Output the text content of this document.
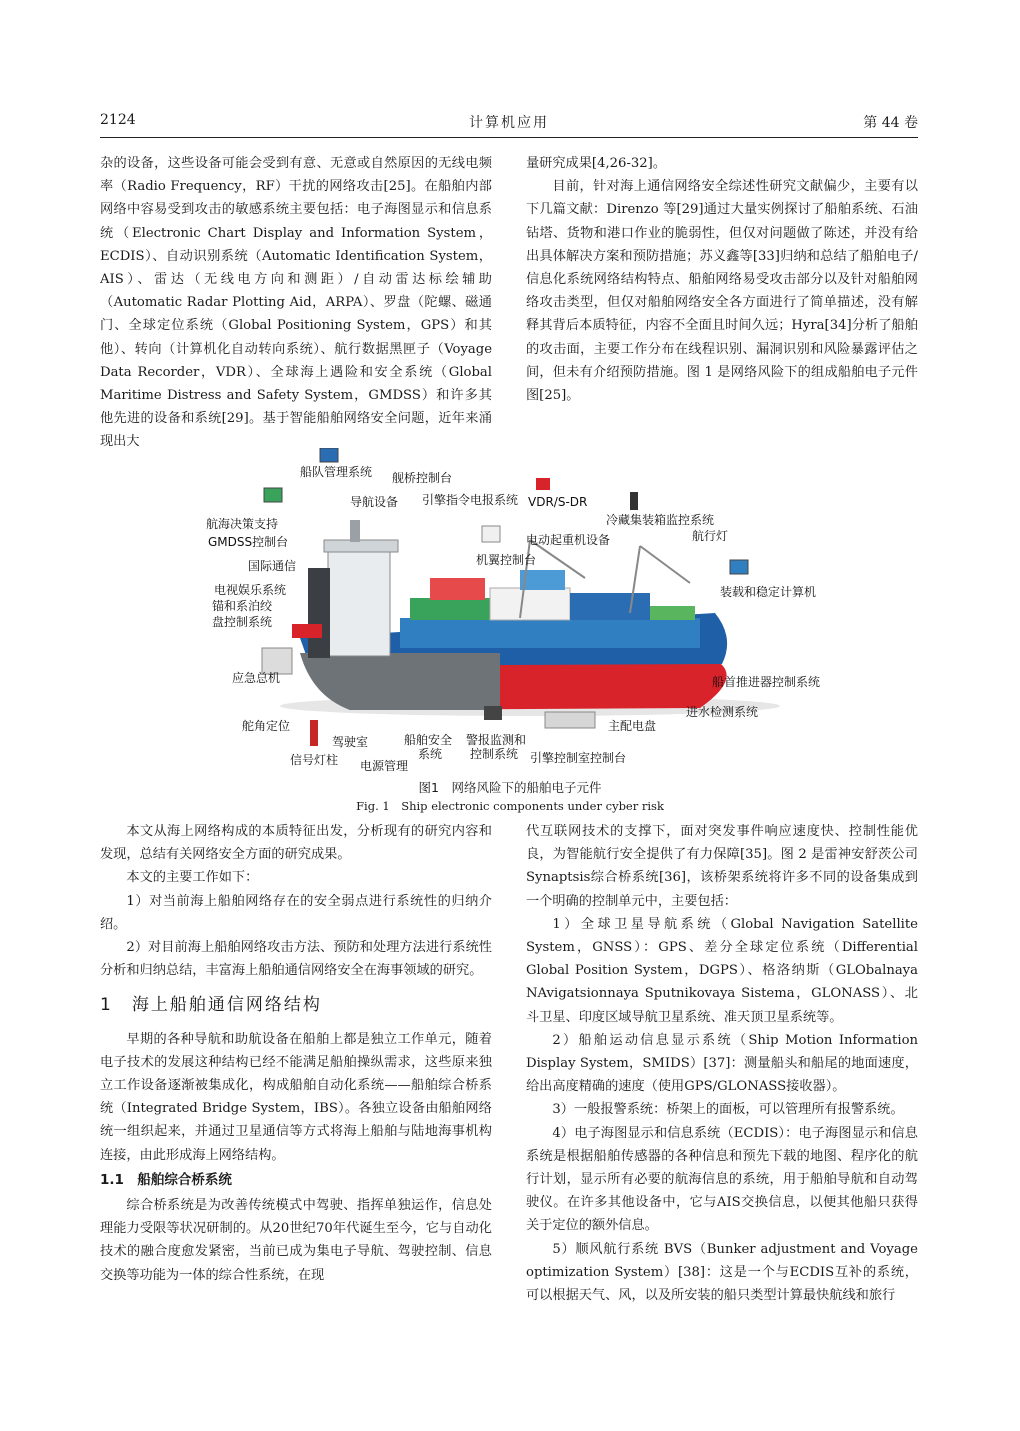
2124	计算机应用	第 44 卷

杂的设备，这些设备可能会受到有意、无意或自然原因的无线电频率（Radio Frequency，RF）干扰的网络攻击[25]。在船舶内部网络中容易受到攻击的敏感系统主要包括：电子海图显示和信息系统（Electronic Chart Display and Information System，ECDIS）、自动识别系统（Automatic Identification System，AIS）、雷达（无线电方向和测距）/自动雷达标绘辅助（Automatic Radar Plotting Aid，ARPA）、罗盘（陀螺、磁通门、全球定位系统（Global Positioning System，GPS）和其他）、转向（计算机化自动转向系统）、航行数据黑匣子（Voyage Data Recorder，VDR）、全球海上遇险和安全系统（Global Maritime Distress and Safety System，GMDSS）和许多其他先进的设备和系统[29]。基于智能船舶网络安全问题，近年来涌现出大

量研究成果[4,26-32]。

目前，针对海上通信网络安全综述性研究文献偏少，主要有以下几篇文献：Direnzo 等[29]通过大量实例探讨了船舶系统、石油钻塔、货物和港口作业的脆弱性，但仅对问题做了陈述，并没有给出具体解决方案和预防措施；苏义鑫等[33]归纳和总结了船舶电子/信息化系统网络结构特点、船舶网络易受攻击部分以及针对船舶网络攻击类型，但仅对船舶网络安全各方面进行了简单描述，没有解释其背后本质特征，内容不全面且时间久远；Hyra[34]分析了船舶的攻击面，主要工作分布在线程识别、漏洞识别和风险暴露评估之间，但未有介绍预防措施。图 1 是网络风险下的组成船舶电子元件图[25]。

船队管理系统 舰桥控制台
导航设备 引擎指令电报系统 VDR/S-DR
航海决策支持	冷藏集装箱监控系统
GMDSS控制台	电动起重机设备	航行灯
国际通信	机翼控制台
电视娱乐系统	装载和稳定计算机
锚和系泊绞
盘控制系统
应急总机	船首推进器控制系统
进水检测系统
主配电盘
舵角定位
船舶安全
系统
警报监测和
控制系统
驾驶室
信号灯柱 电源管理
引擎控制室控制台
图1　网络风险下的船舶电子元件
Fig. 1　Ship electronic components under cyber risk

本文从海上网络构成的本质特征出发，分析现有的研究内容和发现，总结有关网络安全方面的研究成果。

本文的主要工作如下：

1）对当前海上船舶网络存在的安全弱点进行系统性的归纳介绍。

2）对目前海上船舶网络攻击方法、预防和处理方法进行系统性分析和归纳总结，丰富海上船舶通信网络安全在海事领域的研究。

1　海上船舶通信网络结构

早期的各种导航和助航设备在船舶上都是独立工作单元，随着电子技术的发展这种结构已经不能满足船舶操纵需求，这些原来独立工作设备逐渐被集成化，构成船舶自动化系统——船舶综合桥系统（Integrated Bridge System，IBS）。各独立设备由船舶网络统一组织起来，并通过卫星通信等方式将海上船舶与陆地海事机构连接，由此形成海上网络结构。

1.1　船舶综合桥系统

综合桥系统是为改善传统模式中驾驶、指挥单独运作，信息处理能力受限等状况研制的。从20世纪70年代诞生至今，它与自动化技术的融合度愈发紧密，当前已成为集电子导航、驾驶控制、信息交换等功能为一体的综合性系统，在现

代互联网技术的支撑下，面对突发事件响应速度快、控制性能优良，为智能航行安全提供了有力保障[35]。图 2 是雷神安舒茨公司 Synaptsis综合桥系统[36]，该桥架系统将许多不同的设备集成到一个明确的控制单元中，主要包括：

1）全球卫星导航系统（Global Navigation Satellite System，GNSS）：GPS、差分全球定位系统（Differential Global Position System，DGPS）、格洛纳斯（GLObalnaya NAvigatsionnaya Sputnikovaya Sistema，GLONASS）、北斗卫星、印度区域导航卫星系统、准天顶卫星系统等。

2）船舶运动信息显示系统（Ship Motion Information Display System，SMIDS）[37]：测量船头和船尾的地面速度，给出高度精确的速度（使用GPS/GLONASS接收器）。

3）一般报警系统：桥架上的面板，可以管理所有报警系统。

4）电子海图显示和信息系统（ECDIS）：电子海图显示和信息系统是根据船舶传感器的各种信息和预先下载的地图、程序化的航行计划，显示所有必要的航海信息的系统，用于船舶导航和自动驾驶仪。在许多其他设备中，它与AIS交换信息，以便其他船只获得关于定位的额外信息。

5）顺风航行系统 BVS（Bunker adjustment and Voyage optimization System）[38]：这是一个与ECDIS互补的系统，可以根据天气、风，以及所安装的船只类型计算最快航线和旅行
